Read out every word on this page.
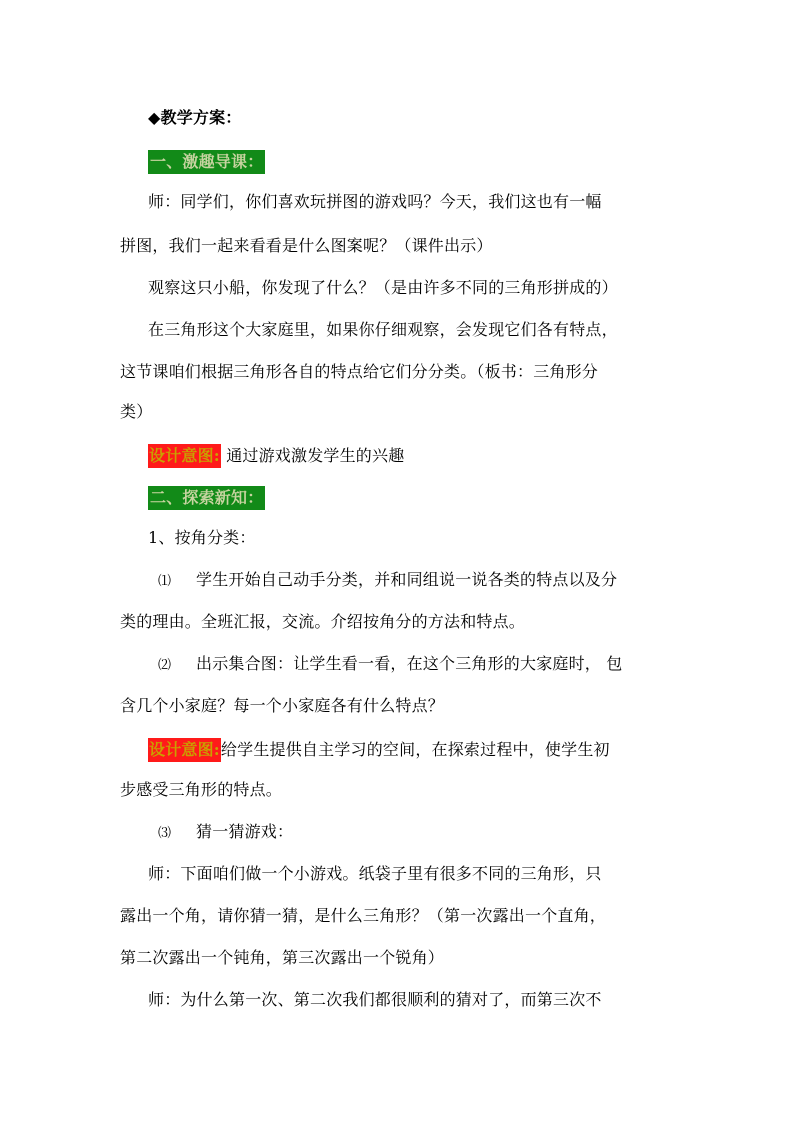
◆教学方案：
一、激趣导课：
师：同学们，你们喜欢玩拼图的游戏吗？今天，我们这也有一幅
拼图，我们一起来看看是什么图案呢？（课件出示）
观察这只小船，你发现了什么？（是由许多不同的三角形拼成的）
在三角形这个大家庭里，如果你仔细观察，会发现它们各有特点，
这节课咱们根据三角形各自的特点给它们分分类。（板书：三角形分
类）
设计意图: 通过游戏激发学生的兴趣
二、探索新知：
1、按角分类：
⑴ 学生开始自己动手分类，并和同组说一说各类的特点以及分
类的理由。全班汇报，交流。介绍按角分的方法和特点。
⑵ 出示集合图：让学生看一看，在这个三角形的大家庭时， 包
含几个小家庭？每一个小家庭各有什么特点？
设计意图:给学生提供自主学习的空间，在探索过程中，使学生初
步感受三角形的特点。
⑶ 猜一猜游戏：
师：下面咱们做一个小游戏。纸袋子里有很多不同的三角形，只
露出一个角，请你猜一猜，是什么三角形？（第一次露出一个直角，
第二次露出一个钝角，第三次露出一个锐角）
师：为什么第一次、第二次我们都很顺利的猜对了，而第三次不
